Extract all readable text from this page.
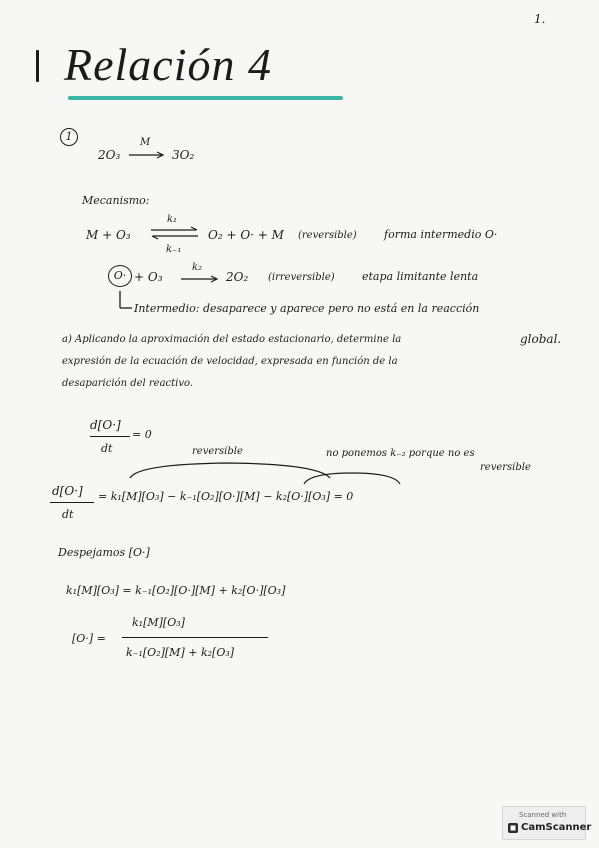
1.
Relación 4
1
2O₃
M
→ 3O₂
Mecanismo:
M + O₃
k₁
k₋₁
O₂ + O· + M (reversible) forma intermedio O·
O· + O₃
k₂
2O₂ (irreversible) etapa limitante lenta
Intermedio: desaparece y aparece pero no está en la reacción
a) Aplicando la aproximación del estado estacionario, determine la	global.
expresión de la ecuación de velocidad, expresada en función de la
desaparición del reactivo.
d[O·]
dt
= 0
reversible	no ponemos k₋₂ porque no es
reversible
d[O·]
dt
= k₁[M][O₃] − k₋₁[O₂][O·][M] − k₂[O·][O₃] = 0
Despejamos [O·]
k₁[M][O₃] = k₋₁[O₂][O·][M] + k₂[O·][O₃]
[O·] =
k₁[M][O₃]
k₋₁[O₂][M] + k₂[O₃]
Scanned with
CamScanner
